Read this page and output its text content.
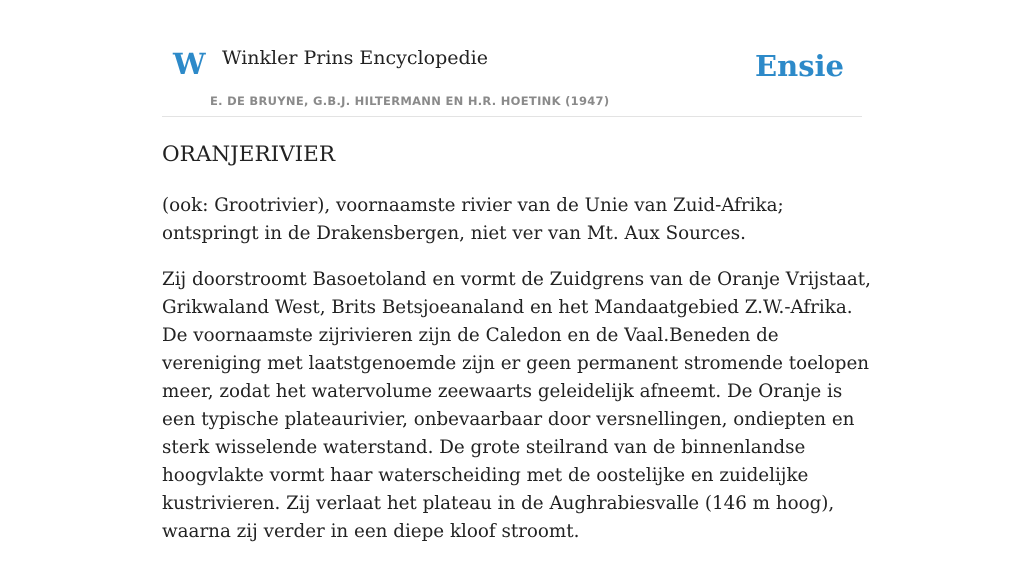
W Winkler Prins Encyclopedie
E. DE BRUYNE, G.B.J. HILTERMANN EN H.R. HOETINK (1947)
Ensie
ORANJERIVIER

(ook: Grootrivier), voornaamste rivier van de Unie van Zuid-Afrika; ontspringt in de Drakensbergen, niet ver van Mt. Aux Sources.

Zij doorstroomt Basoetoland en vormt de Zuidgrens van de Oranje Vrijstaat, Grikwaland West, Brits Betsjoeanaland en het Mandaatgebied Z.W.-Afrika. De voornaamste zijrivieren zijn de Caledon en de Vaal.Beneden de vereniging met laatstgenoemde zijn er geen permanent stromende toelopen meer, zodat het watervolume zeewaarts geleidelijk afneemt. De Oranje is een typische plateaurivier, onbevaarbaar door versnellingen, ondiepten en sterk wisselende waterstand. De grote steilrand van de binnenlandse hoogvlakte vormt haar waterscheiding met de oostelijke en zuidelijke kustrivieren. Zij verlaat het plateau in de Aughrabiesvalle (146 m hoog), waarna zij verder in een diepe kloof stroomt.
